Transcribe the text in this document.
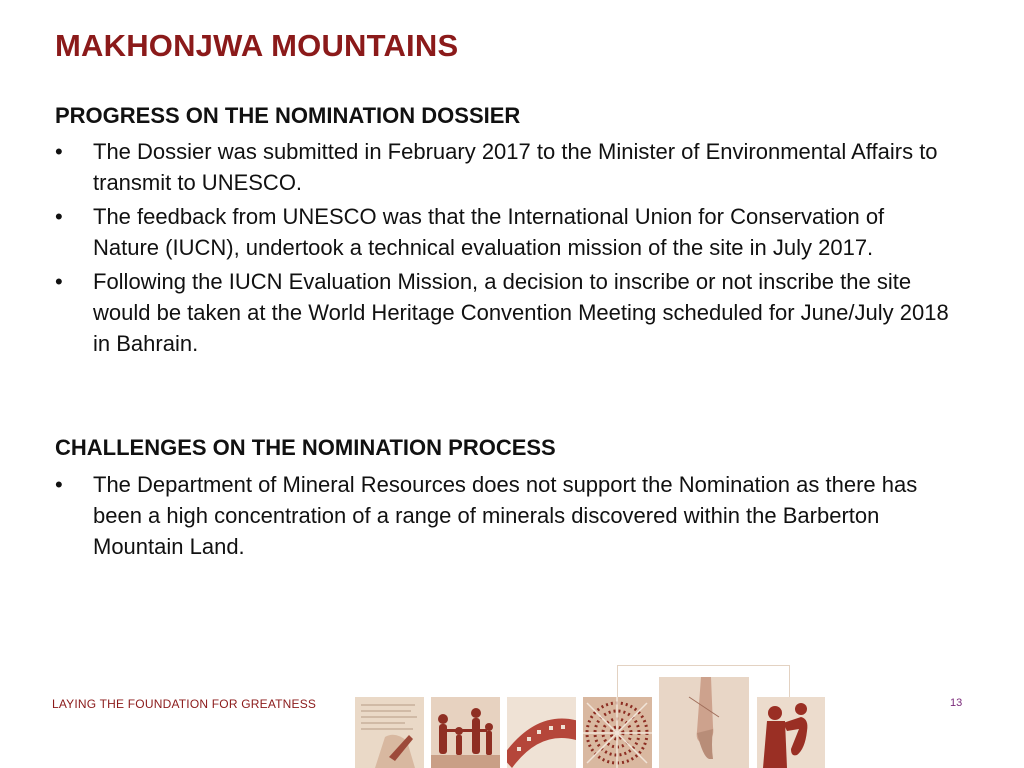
MAKHONJWA MOUNTAINS

PROGRESS ON THE NOMINATION DOSSIER

• The Dossier was submitted in February 2017 to the Minister of Environmental Affairs to transmit to UNESCO.
• The feedback from UNESCO was that the International Union for Conservation of Nature (IUCN), undertook a technical evaluation mission of the site in July 2017.
• Following the IUCN Evaluation Mission, a decision to inscribe or not inscribe the site would be taken at the World Heritage Convention Meeting scheduled for June/July 2018 in Bahrain.

CHALLENGES ON THE NOMINATION PROCESS

• The Department of Mineral Resources does not support the Nomination as there has been a high concentration of a range of minerals discovered within the Barberton Mountain Land.
LAYING THE FOUNDATION FOR GREATNESS	13
